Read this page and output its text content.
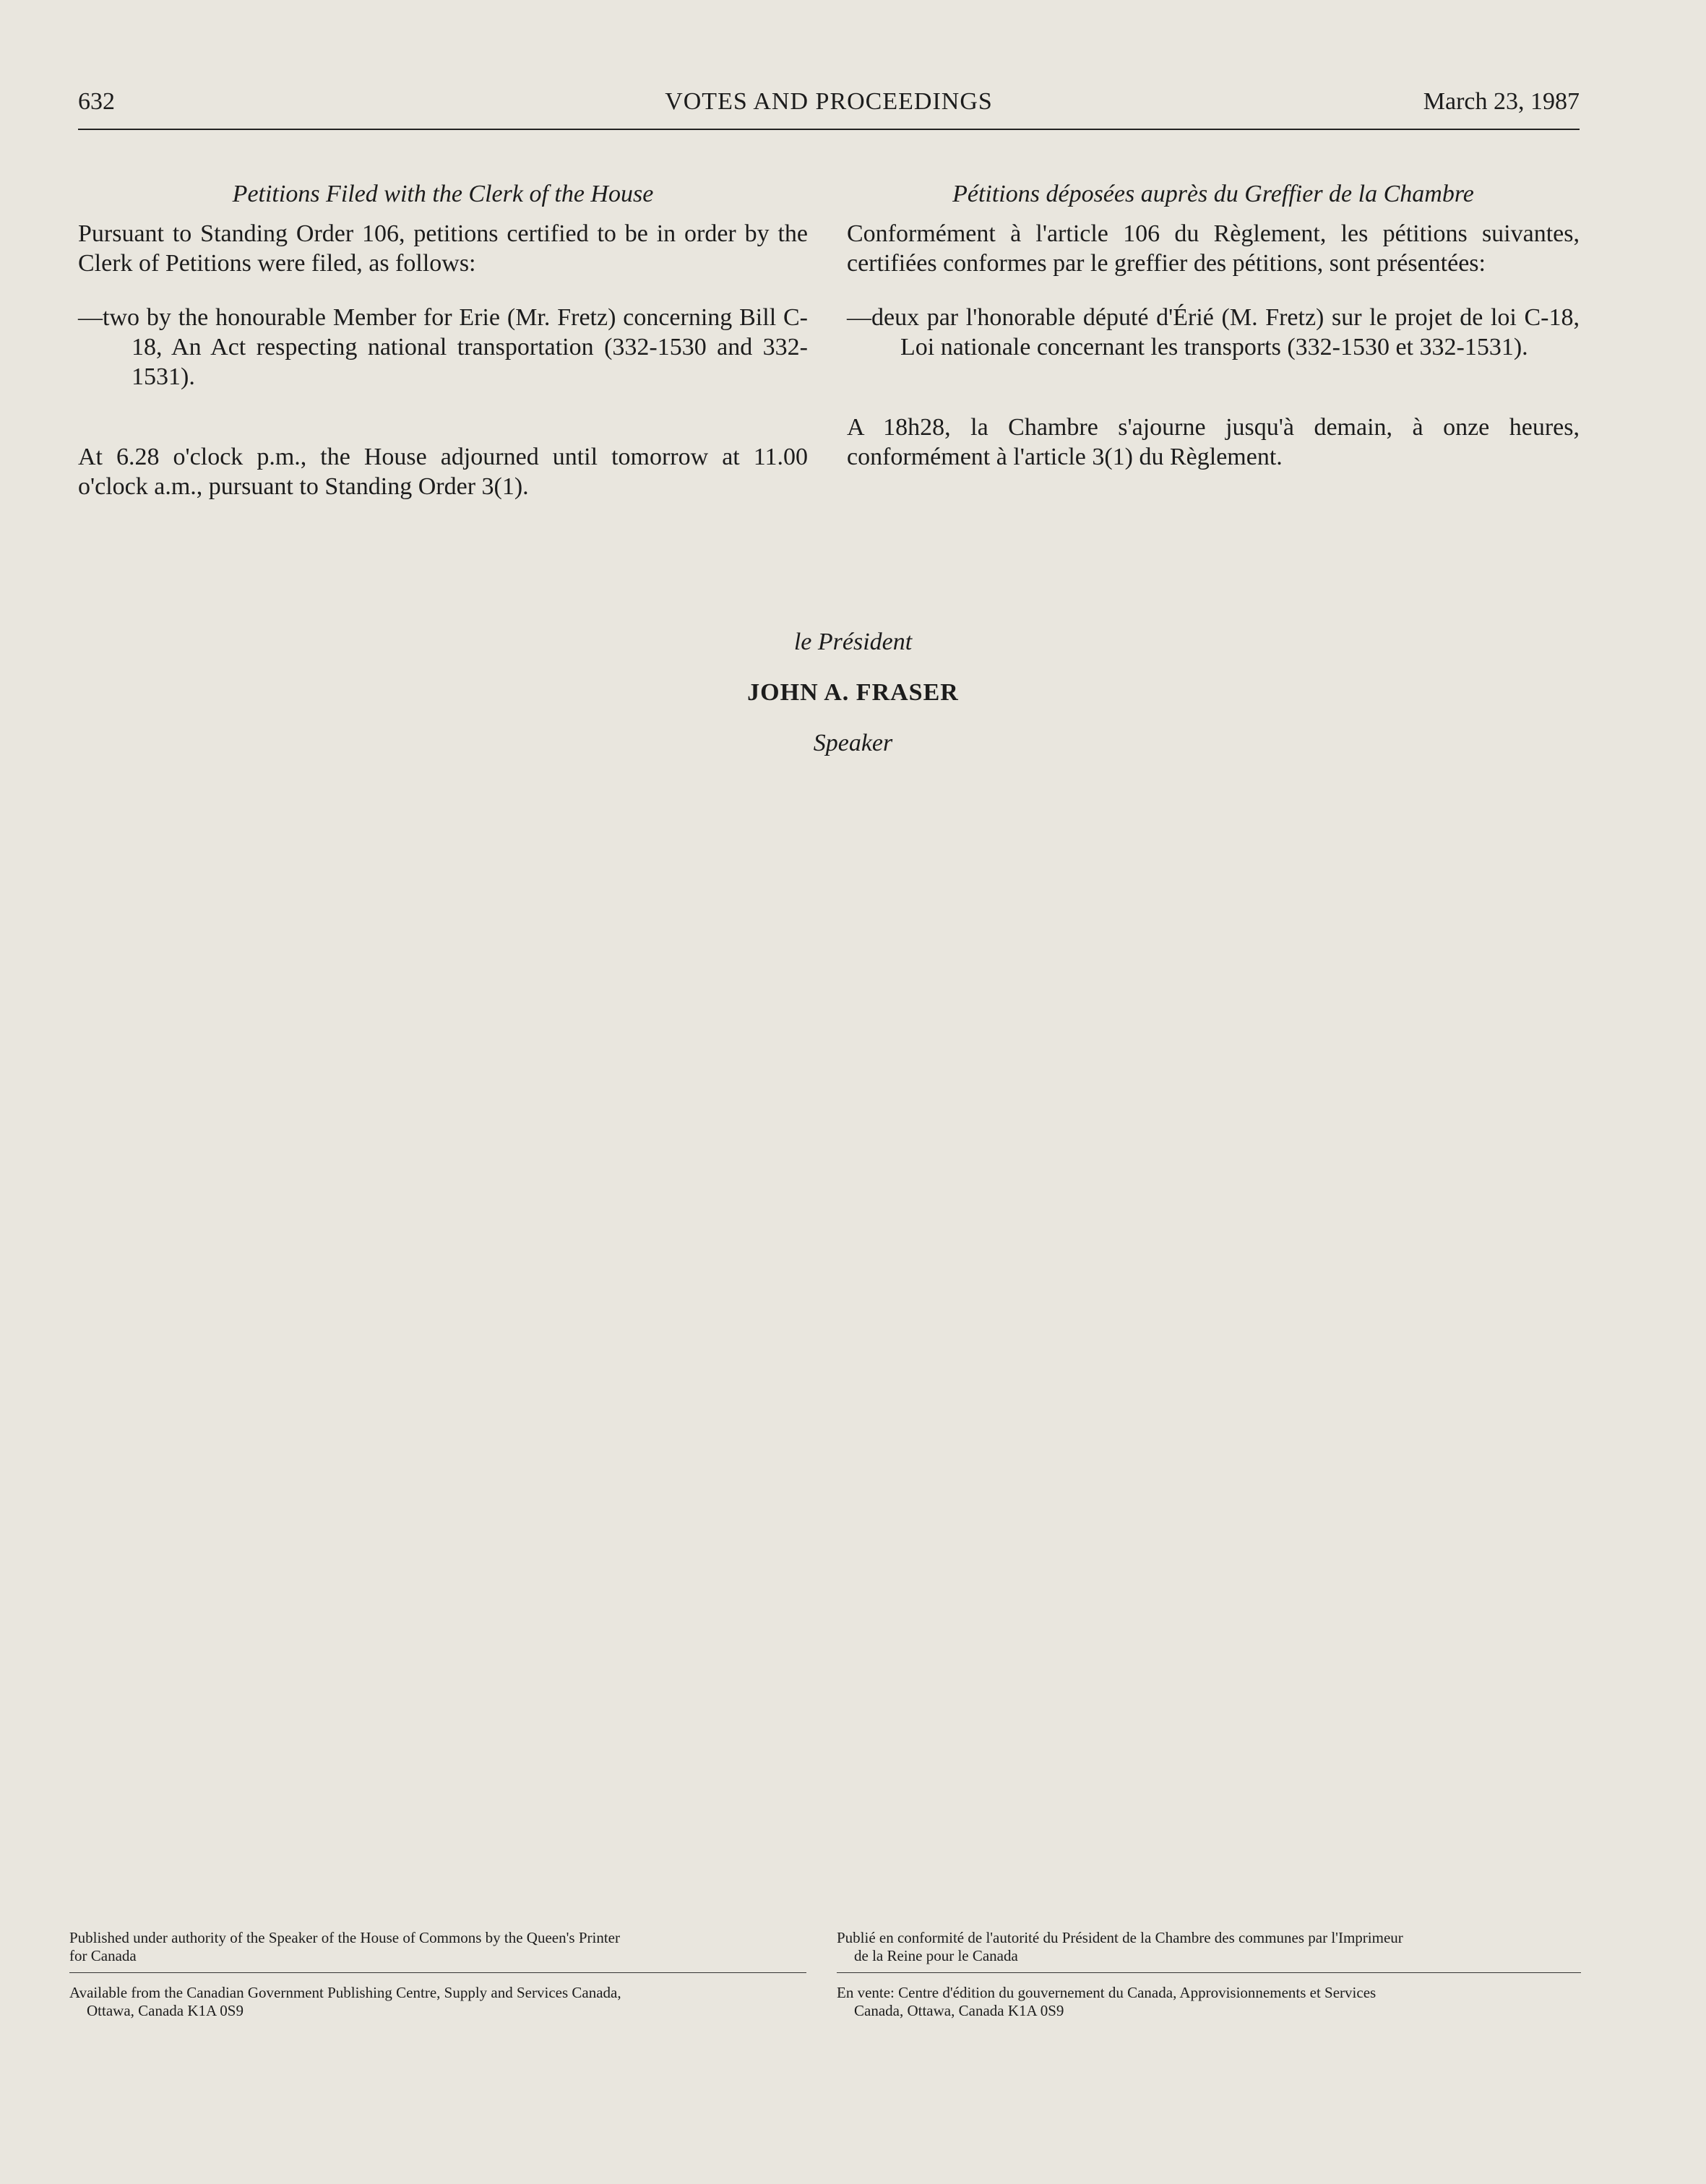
632	VOTES AND PROCEEDINGS	March 23, 1987

Petitions Filed with the Clerk of the House

Pursuant to Standing Order 106, petitions certified to be in order by the Clerk of Petitions were filed, as follows:

—two by the honourable Member for Erie (Mr. Fretz) concerning Bill C-18, An Act respecting national transportation (332-1530 and 332-1531).

At 6.28 o'clock p.m., the House adjourned until tomorrow at 11.00 o'clock a.m., pursuant to Standing Order 3(1).

Pétitions déposées auprès du Greffier de la Chambre

Conformément à l'article 106 du Règlement, les pétitions suivantes, certifiées conformes par le greffier des pétitions, sont présentées:

—deux par l'honorable député d'Érié (M. Fretz) sur le projet de loi C-18, Loi nationale concernant les transports (332-1530 et 332-1531).

A 18h28, la Chambre s'ajourne jusqu'à demain, à onze heures, conformément à l'article 3(1) du Règlement.

le Président
JOHN A. FRASER
Speaker

Published under authority of the Speaker of the House of Commons by the Queen's Printer

for Canada

Available from the Canadian Government Publishing Centre, Supply and Services Canada,

Ottawa, Canada K1A 0S9

Publié en conformité de l'autorité du Président de la Chambre des communes par l'Imprimeur

de la Reine pour le Canada

En vente: Centre d'édition du gouvernement du Canada, Approvisionnements et Services

Canada, Ottawa, Canada K1A 0S9
